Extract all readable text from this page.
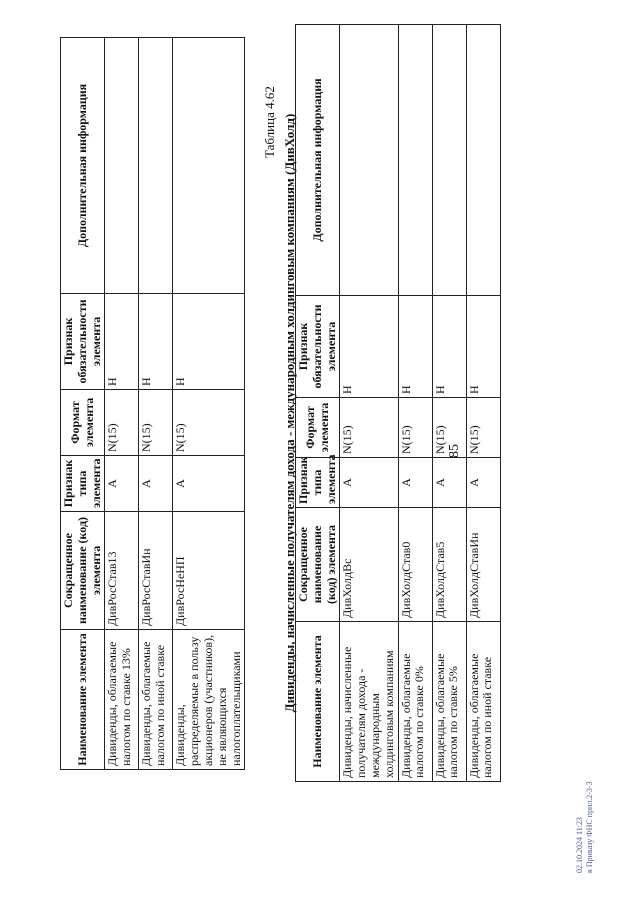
85
Наименование элемента	Сокращенное наименование (код) элемента	Признак типа элемента	Формат элемента	Признак обязательности элемента	Дополнительная информация
Дивиденды, облагаемые налогом по ставке 13%	ДивРосСтав13	А	N(15)	Н	
Дивиденды, облагаемые налогом по иной ставке	ДивРосСтавИн	А	N(15)	Н	
Дивиденды, распределяемые в пользу акционеров (участников), не являющихся налогоплательщиками	ДивРосНеНП	А	N(15)	Н	
Таблица 4.62 Дивиденды, начисленные получателям дохода - международным холдинговым компаниям (ДивХолд) Наименование элемента	Сокращенное наименование (код) элемента	Признак типа элемента	Формат элемента	Признак обязательности элемента	Дополнительная информация
Дивиденды, начисленные получателям дохода - международным холдинговым компаниям	ДивХолдВс	А	N(15)	Н	
Дивиденды, облагаемые налогом по ставке 0%	ДивХолдСтав0	А	N(15)	Н	
Дивиденды, облагаемые налогом по ставке 5%	ДивХолдСтав5	А	N(15)	Н	
Дивиденды, облагаемые налогом по иной ставке	ДивХолдСтавИн	А	N(15)	Н	
02.10.2024 11:23 к Приказу ФНС прил.2-3-3
